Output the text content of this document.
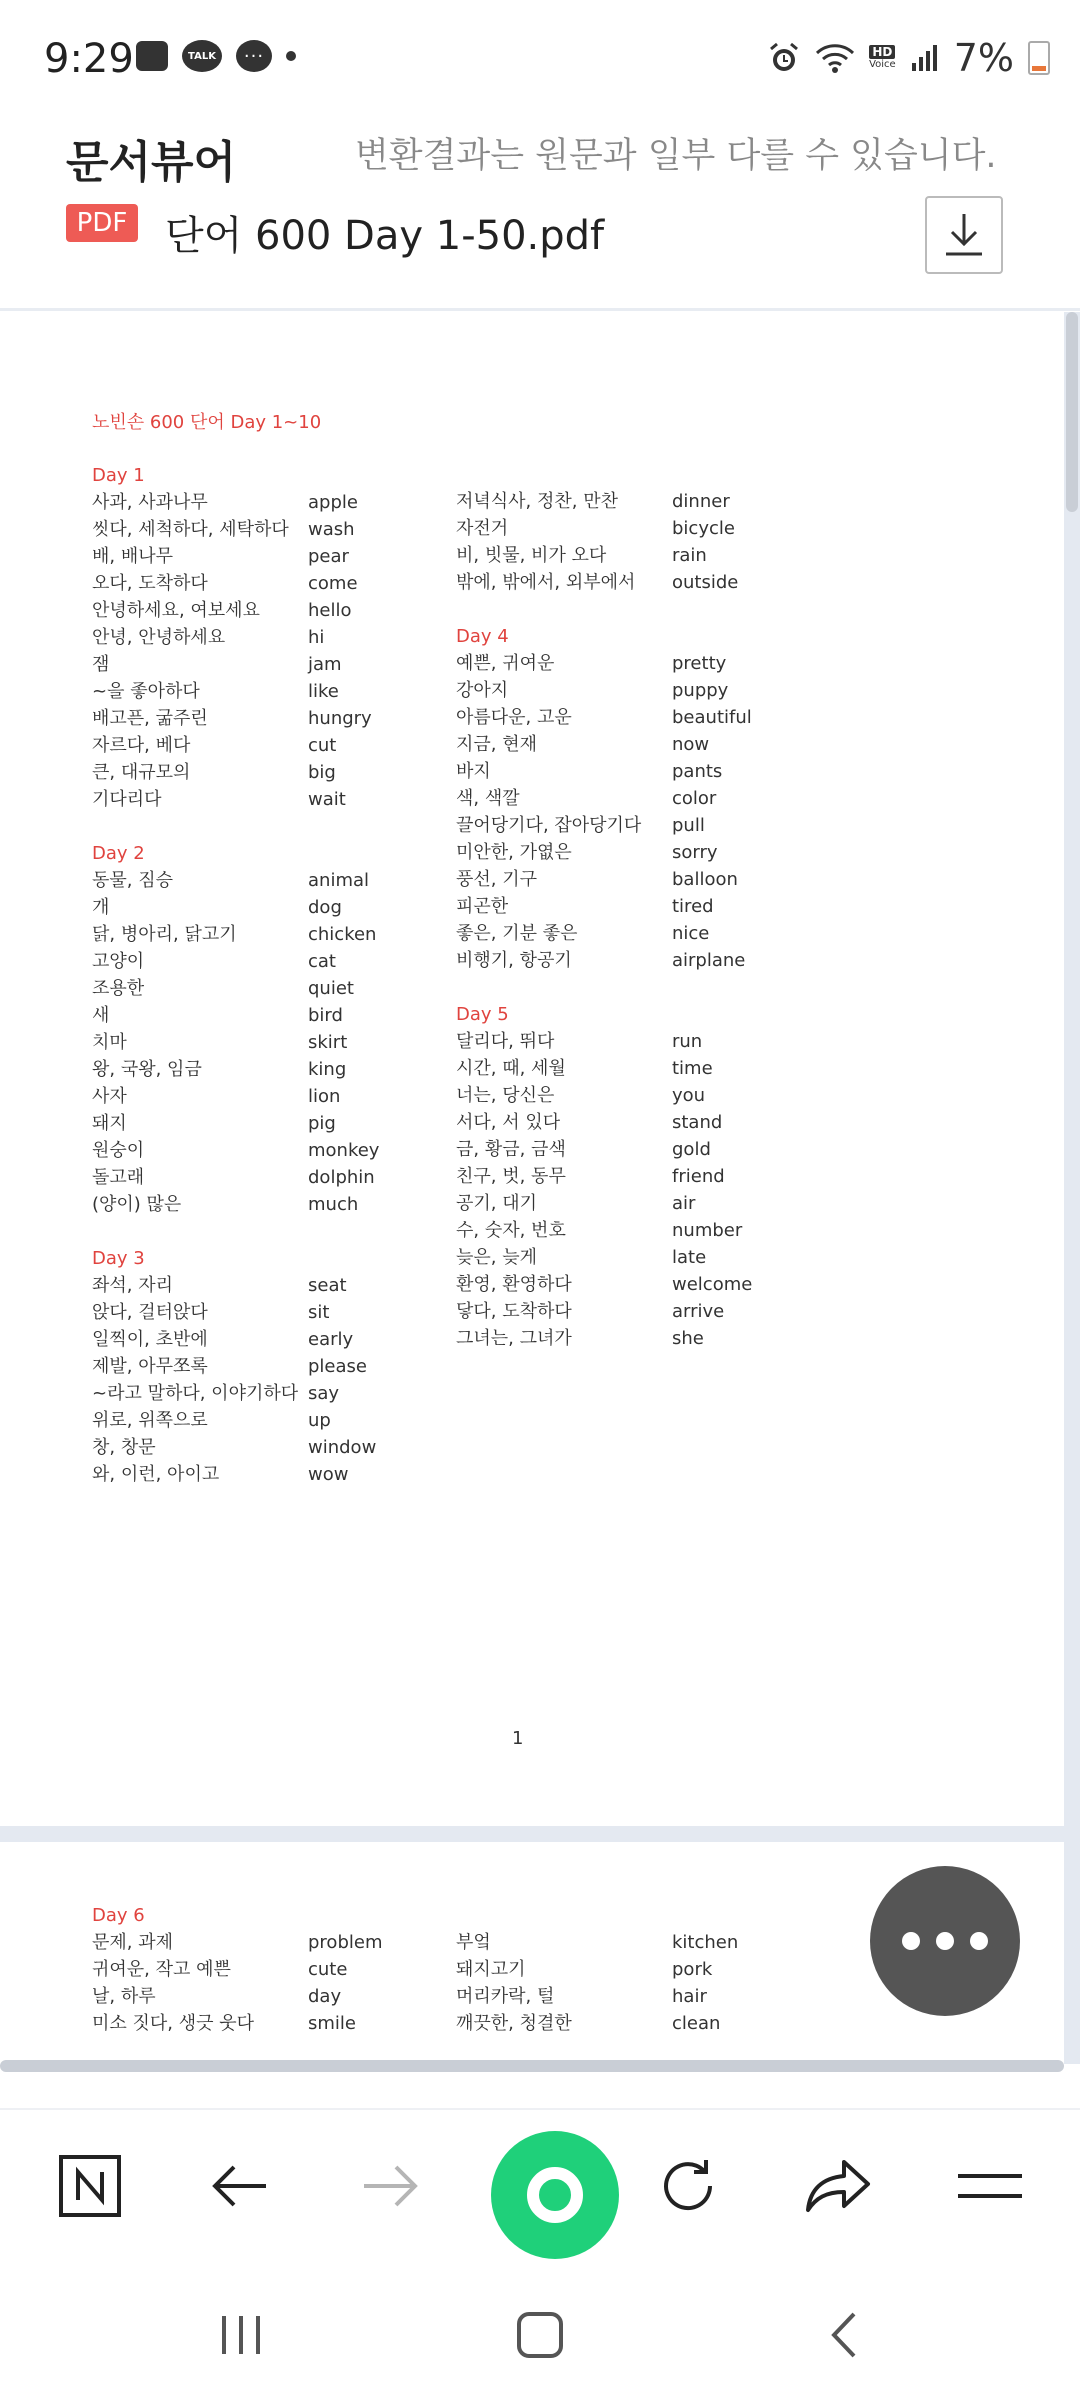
9:29	TALK	···	HD
Voice 7%
문서뷰어	변환결과는 원문과 일부 다를 수 있습니다.
PDF 단어 600 Day 1-50.pdf
노빈손 600 단어 Day 1~10
Day 1
사과, 사과나무	apple
씻다, 세척하다, 세탁하다	wash
배, 배나무	pear
오다, 도착하다	come
안녕하세요, 여보세요	hello
안녕, 안녕하세요	hi
잼	jam
~을 좋아하다	like
배고픈, 굶주린	hungry
자르다, 베다	cut
큰, 대규모의	big
기다리다	wait
Day 2
동물, 짐승	animal
개	dog
닭, 병아리, 닭고기	chicken
고양이	cat
조용한	quiet
새	bird
치마	skirt
왕, 국왕, 임금	king
사자	lion
돼지	pig
원숭이	monkey
돌고래	dolphin
(양이) 많은	much
Day 3
좌석, 자리	seat
앉다, 걸터앉다	sit
일찍이, 초반에	early
제발, 아무쪼록	please
~라고 말하다, 이야기하다 say
위로, 위쪽으로	up
창, 창문	window
와, 이런, 아이고	wow
저녁식사, 정찬, 만찬	dinner
자전거	bicycle
비, 빗물, 비가 오다	rain
밖에, 밖에서, 외부에서	outside
Day 4
예쁜, 귀여운	pretty
강아지	puppy
아름다운, 고운	beautiful
지금, 현재	now
바지	pants
색, 색깔	color
끌어당기다, 잡아당기다	pull
미안한, 가엾은	sorry
풍선, 기구	balloon
피곤한	tired
좋은, 기분 좋은	nice
비행기, 항공기	airplane
Day 5
달리다, 뛰다	run
시간, 때, 세월	time
너는, 당신은	you
서다, 서 있다	stand
금, 황금, 금색	gold
친구, 벗, 동무	friend
공기, 대기	air
수, 숫자, 번호	number
늦은, 늦게	late
환영, 환영하다	welcome
닿다, 도착하다	arrive
그녀는, 그녀가	she
1
Day 6
문제, 과제	problem
귀여운, 작고 예쁜	cute
날, 하루	day
미소 짓다, 생긋 웃다	smile
부엌	kitchen
돼지고기	pork
머리카락, 털	hair
깨끗한, 청결한	clean
